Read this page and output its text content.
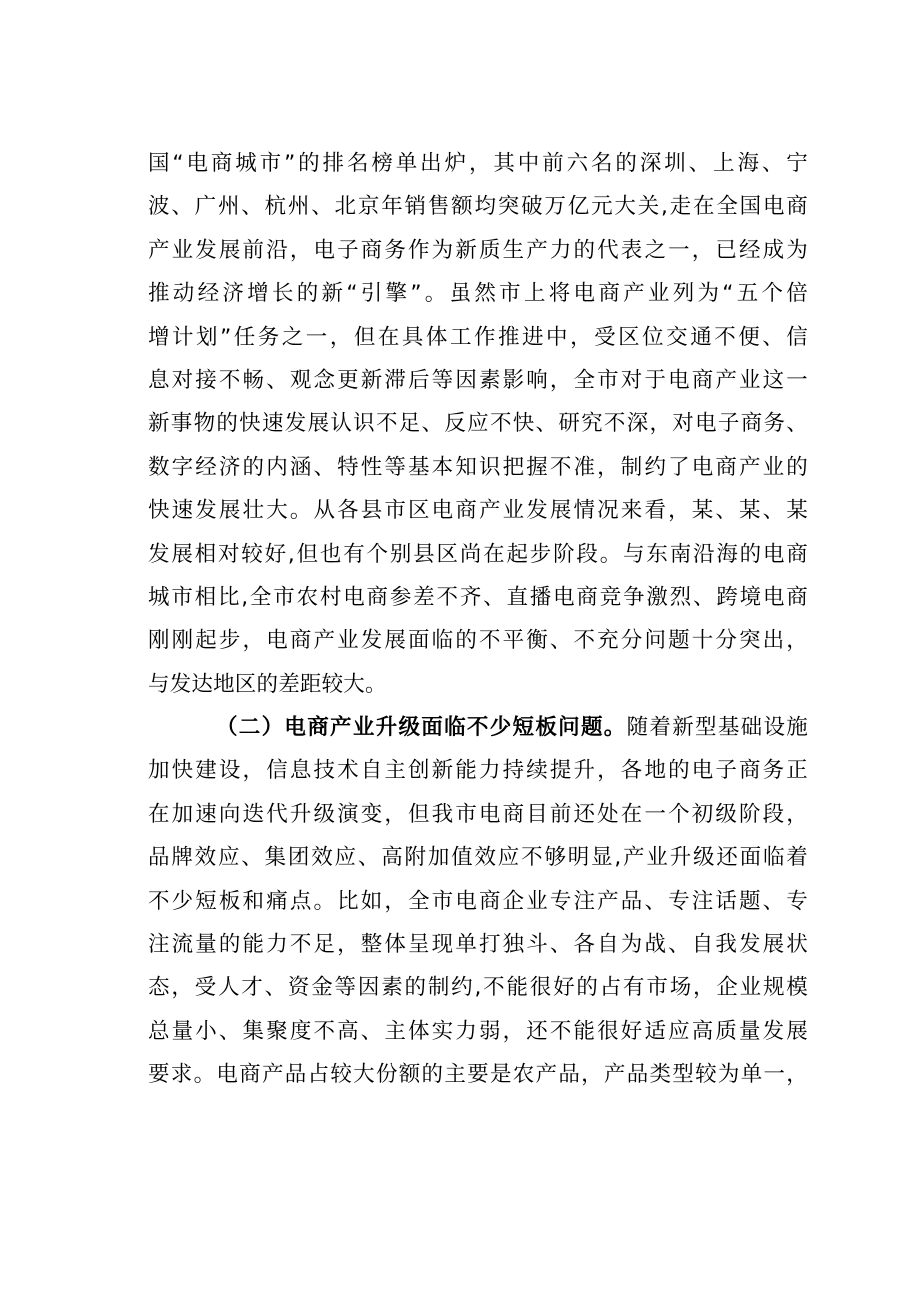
国“电商城市”的排名榜单出炉，其中前六名的深圳、上海、宁
波、广州、杭州、北京年销售额均突破万亿元大关,走在全国电商
产业发展前沿，电子商务作为新质生产力的代表之一，已经成为
推动经济增长的新“引擎”。虽然市上将电商产业列为“五个倍
增计划”任务之一，但在具体工作推进中，受区位交通不便、信
息对接不畅、观念更新滞后等因素影响，全市对于电商产业这一
新事物的快速发展认识不足、反应不快、研究不深，对电子商务、
数字经济的内涵、特性等基本知识把握不准，制约了电商产业的
快速发展壮大。从各县市区电商产业发展情况来看，某、某、某
发展相对较好,但也有个别县区尚在起步阶段。与东南沿海的电商
城市相比,全市农村电商参差不齐、直播电商竞争激烈、跨境电商
刚刚起步，电商产业发展面临的不平衡、不充分问题十分突出，
与发达地区的差距较大。
（二）电商产业升级面临不少短板问题。随着新型基础设施
加快建设，信息技术自主创新能力持续提升，各地的电子商务正
在加速向迭代升级演变，但我市电商目前还处在一个初级阶段，
品牌效应、集团效应、高附加值效应不够明显,产业升级还面临着
不少短板和痛点。比如，全市电商企业专注产品、专注话题、专
注流量的能力不足，整体呈现单打独斗、各自为战、自我发展状
态，受人才、资金等因素的制约,不能很好的占有市场，企业规模
总量小、集聚度不高、主体实力弱，还不能很好适应高质量发展
要求。电商产品占较大份额的主要是农产品，产品类型较为单一，
